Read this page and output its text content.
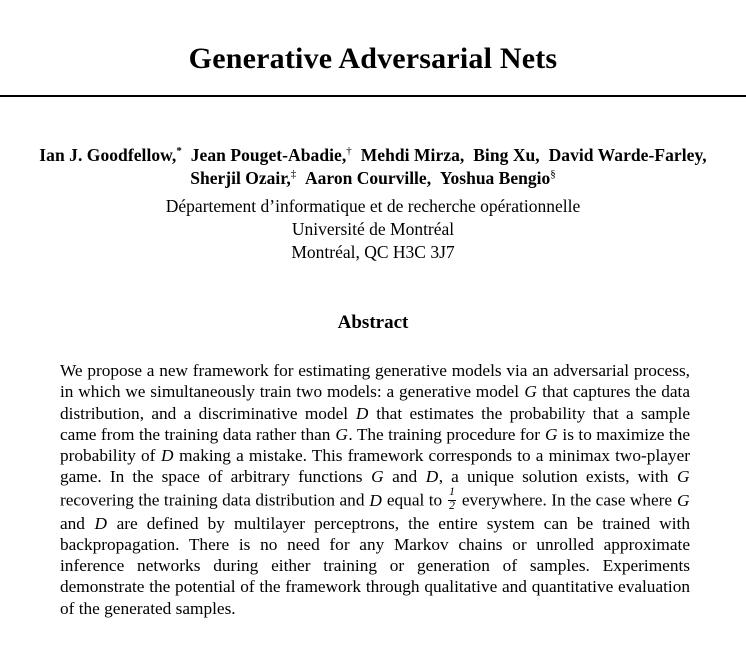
Generative Adversarial Nets
Ian J. Goodfellow,* Jean Pouget-Abadie,† Mehdi Mirza, Bing Xu, David Warde-Farley,
Sherjil Ozair,‡ Aaron Courville, Yoshua Bengio§
Département d’informatique et de recherche opérationnelle
Université de Montréal
Montréal, QC H3C 3J7
Abstract

We propose a new framework for estimating generative models via an adversarial process, in which we simultaneously train two models: a generative model G that captures the data distribution, and a discriminative model D that estimates the probability that a sample came from the training data rather than G. The training procedure for G is to maximize the probability of D making a mistake. This framework corresponds to a minimax two-player game. In the space of arbitrary functions G and D, a unique solution exists, with G recovering the training data distribution and D equal to $\frac{1}{2}$ everywhere. In the case where G and D are defined by multilayer perceptrons, the entire system can be trained with backpropagation. There is no need for any Markov chains or unrolled approximate inference networks during either training or generation of samples. Experiments demonstrate the potential of the framework through qualitative and quantitative evaluation of the generated samples.
